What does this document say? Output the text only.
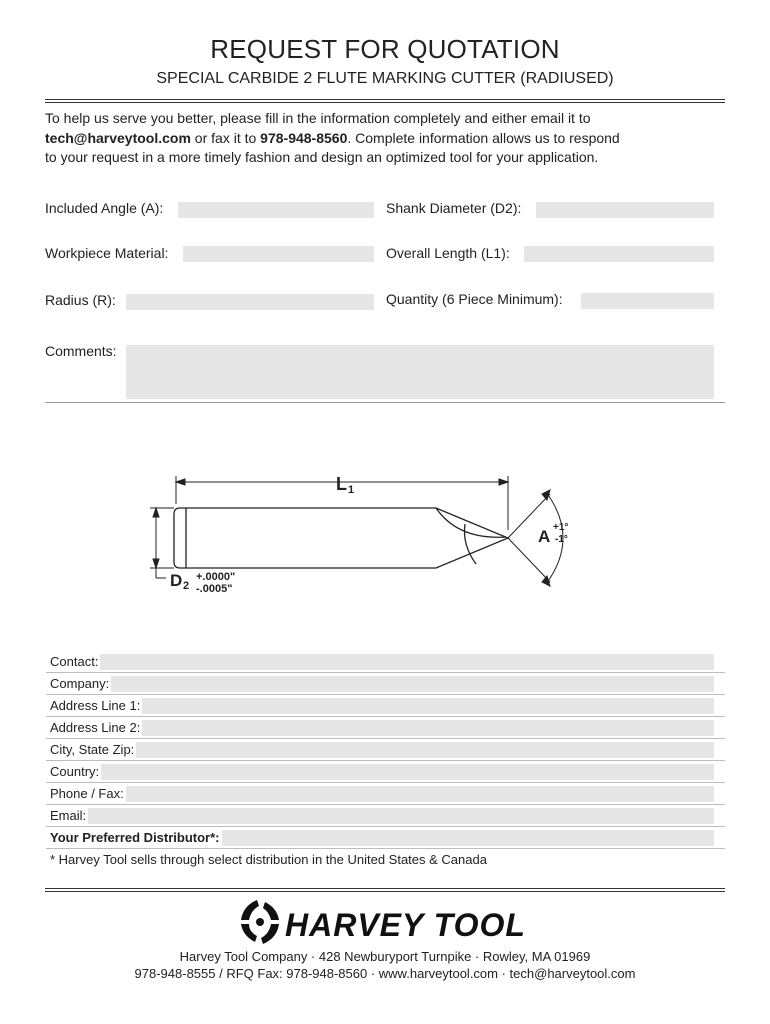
REQUEST FOR QUOTATION
SPECIAL CARBIDE 2 FLUTE MARKING CUTTER (RADIUSED)
To help us serve you better, please fill in the information completely and either email it to
tech@harveytool.com or fax it to 978-948-8560. Complete information allows us to respond
to your request in a more timely fashion and design an optimized tool for your application.
Included Angle (A):	Shank Diameter (D2):
Workpiece Material:	Overall Length (L1):
Radius (R):	Quantity (6 Piece Minimum):
Comments:
L 1
D 2
+.0000"
-.0005"
A +1°
-1°
Contact:
Company:
Address Line 1:
Address Line 2:
City, State Zip:
Country:
Phone / Fax:
Email:
Your Preferred Distributor*:
* Harvey Tool sells through select distribution in the United States & Canada
HARVEY TOOL
Harvey Tool Company · 428 Newburyport Turnpike · Rowley, MA 01969
978-948-8555 / RFQ Fax: 978-948-8560 · www.harveytool.com · tech@harveytool.com
